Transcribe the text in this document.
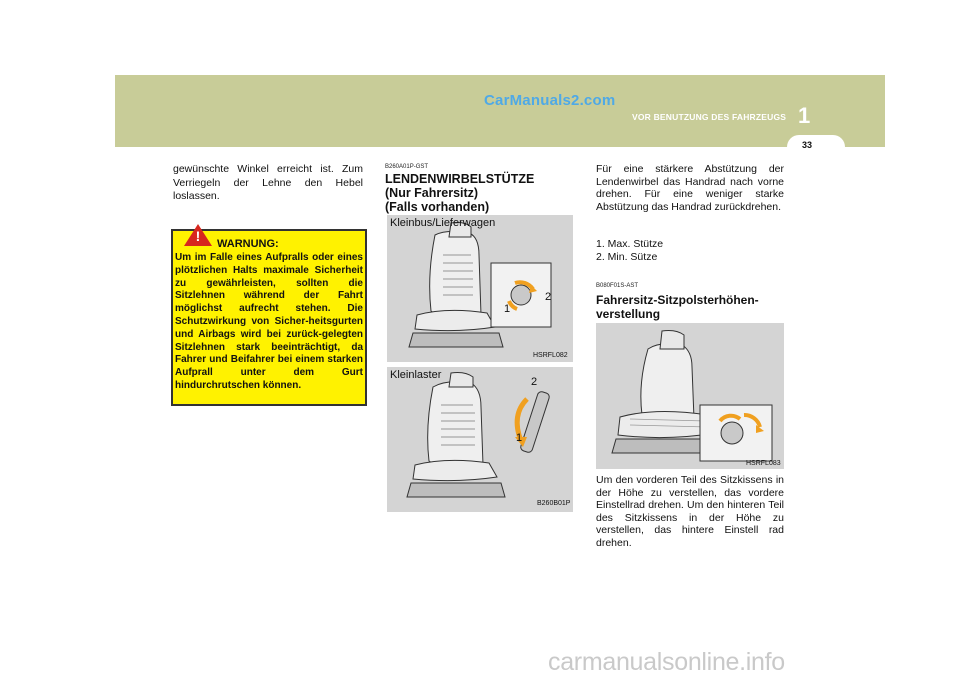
CarManuals2.com
VOR BENUTZUNG DES FAHRZEUGS 1
33
gewünschte Winkel erreicht ist. Zum Verriegeln der Lehne den Hebel loslassen.
! WARNUNG:
Um im Falle eines Aufpralls oder eines plötzlichen Halts maximale Sicherheit zu gewährleisten, sollten die Sitzlehnen während der Fahrt möglichst aufrecht stehen. Die Schutzwirkung von Sicher-heitsgurten und Airbags wird bei zurück-gelegten Sitzlehnen stark beeinträchtigt, da Fahrer und Beifahrer bei einem starken Aufprall unter dem Gurt hindurchrutschen können.
B260A01P-GST
LENDENWIRBELSTÜTZE
(Nur Fahrersitz)
(Falls vorhanden)
Kleinbus/Lieferwagen
1
2
HSRFL082
Kleinlaster
2
1
B260B01P
Für eine stärkere Abstützung der Lendenwirbel das Handrad nach vorne drehen. Für eine weniger starke Abstützung das Handrad zurückdrehen.
1. Max. Stütze
2. Min. Sütze
B080F01S-AST
Fahrersitz-Sitzpolsterhöhen-verstellung
HSRFL083
Um den vorderen Teil des Sitzkissens in der Höhe zu verstellen, das vordere Einstellrad drehen. Um den hinteren Teil des Sitzkissens in der Höhe zu verstellen, das hintere Einstell rad drehen.
carmanualsonline.info
